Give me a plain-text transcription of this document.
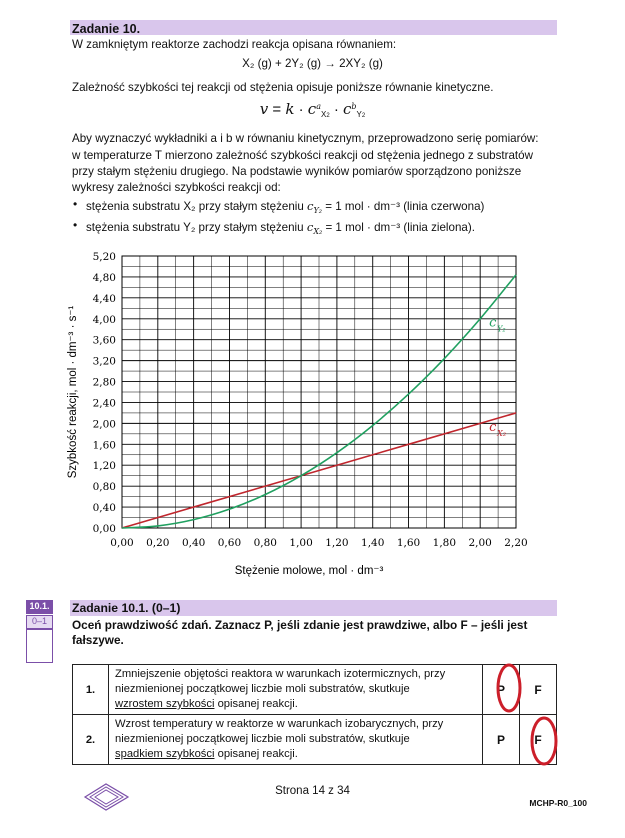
Zadanie 10.
W zamkniętym reaktorze zachodzi reakcja opisana równaniem:
X₂ (g) + 2Y₂ (g) → 2XY₂ (g)
Zależność szybkości tej reakcji od stężenia opisuje poniższe równanie kinetyczne.
$v = k \cdot c^a_{X2} \cdot c^b_{Y2}$
Aby wyznaczyć wykładniki a i b w równaniu kinetycznym, przeprowadzono serię pomiarów:
w temperaturze T mierzono zależność szybkości reakcji od stężenia jednego z substratów
przy stałym stężeniu drugiego. Na podstawie wyników pomiarów sporządzono poniższe
wykresy zależności szybkości reakcji od:
• stężenia substratu X₂ przy stałym stężeniu $c_{Y_2} = 1$ mol · dm⁻³ (linia czerwona)
• stężenia substratu Y₂ przy stałym stężeniu $c_{X_2} = 1$ mol · dm⁻³ (linia zielona).
0,00 0,20 0,40 0,60 0,80 1,00 1,20 1,40 1,60 1,80 2,00 2,20
0,00
0,40
0,80
1,20
1,60
2,00
2,40
2,80
3,20
3,60
4,00
4,40
4,80
5,20
Stężenie molowe, mol · dm⁻³
Szybkość reakcji, mol · dm⁻³ · s⁻¹	c X₂
c Y₂
10.1.
0–1
Zadanie 10.1. (0–1)
Oceń prawdziwość zdań. Zaznacz P, jeśli zdanie jest prawdziwe, albo F – jeśli jest
fałszywe.
1.	Zmniejszenie objętości reaktora w warunkach izotermicznych, przy
niezmienionej początkowej liczbie moli substratów, skutkuje
wzrostem szybkości opisanej reakcji.	P	F
2.	Wzrost temperatury w reaktorze w warunkach izobarycznych, przy
niezmienionej początkowej liczbie moli substratów, skutkuje
spadkiem szybkości opisanej reakcji.	P	F
Strona 14 z 34
MCHP-R0_100
